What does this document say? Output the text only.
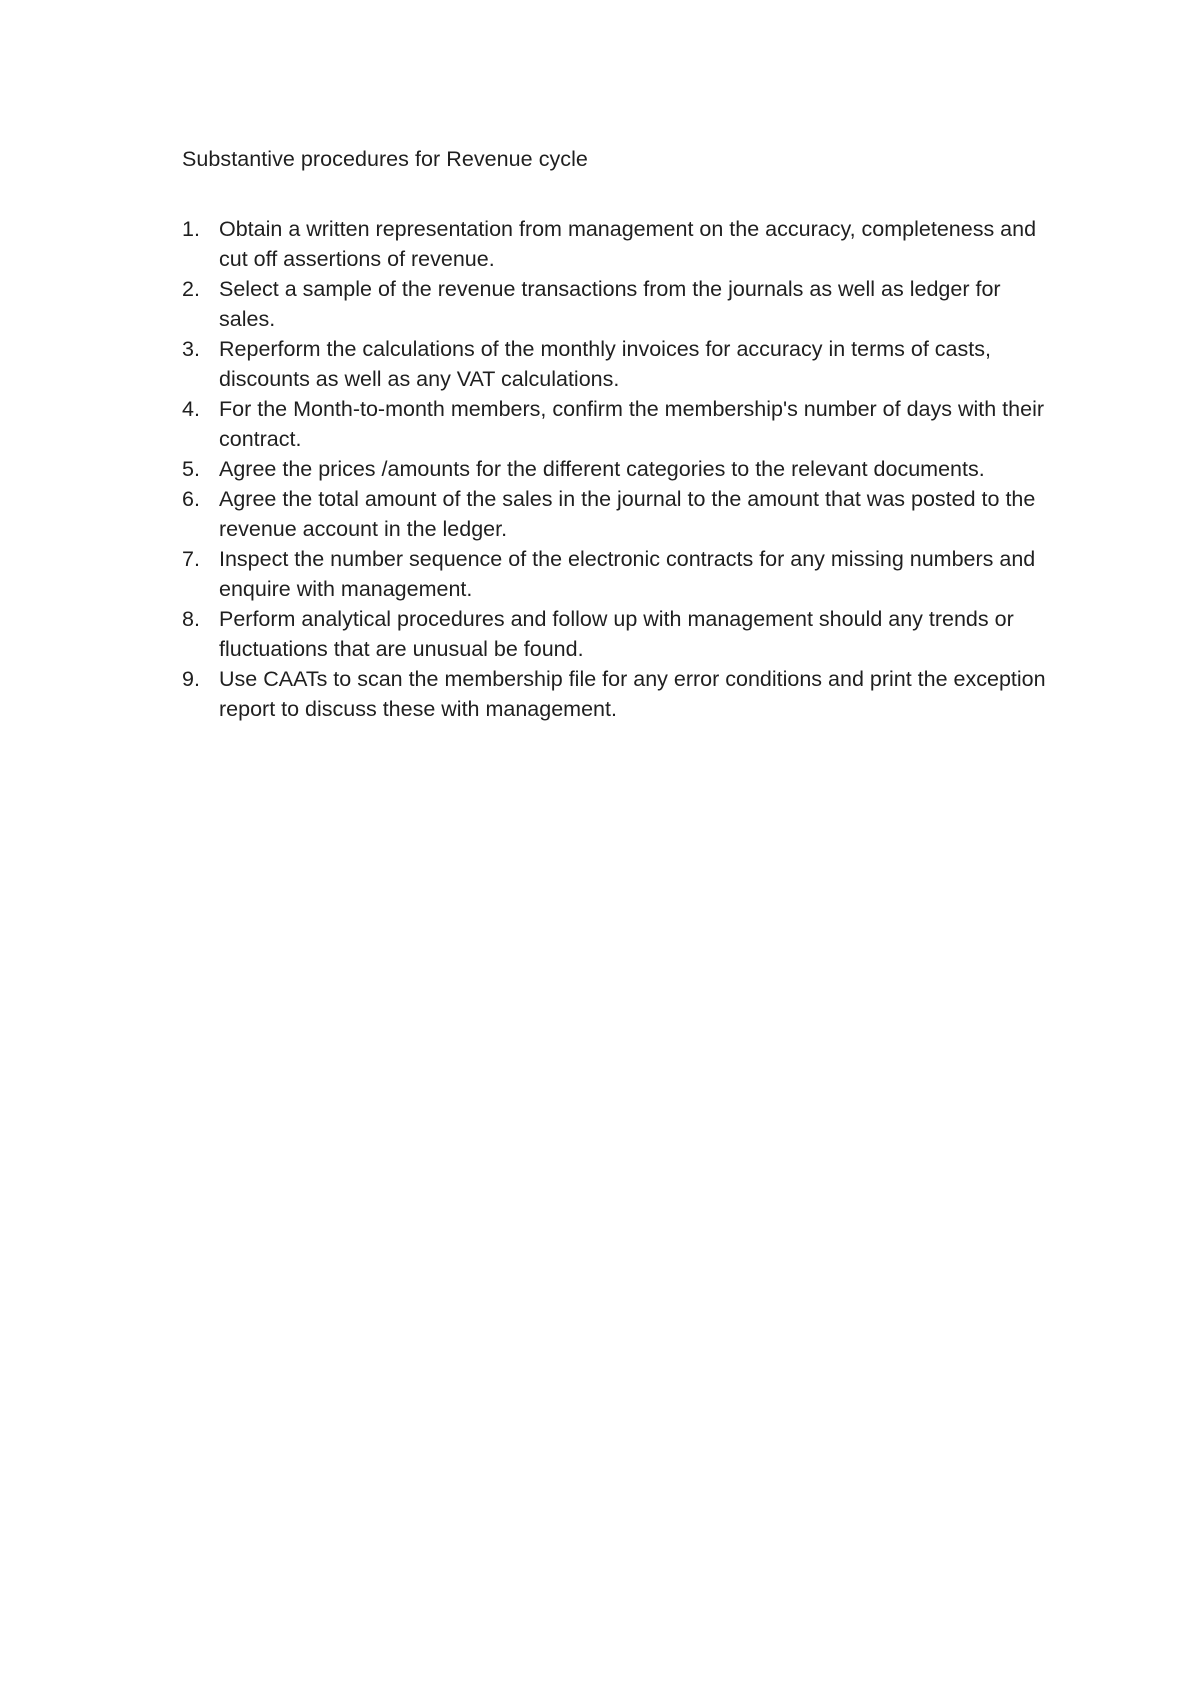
Substantive procedures for Revenue cycle
1. Obtain a written representation from management on the accuracy, completeness and cut off assertions of revenue.
2. Select a sample of the revenue transactions from the journals as well as ledger for sales.
3. Reperform the calculations of the monthly invoices for accuracy in terms of casts, discounts as well as any VAT calculations.
4. For the Month-to-month members, confirm the membership's number of days with their contract.
5. Agree the prices /amounts for the different categories to the relevant documents.
6. Agree the total amount of the sales in the journal to the amount that was posted to the revenue account in the ledger.
7. Inspect the number sequence of the electronic contracts for any missing numbers and enquire with management.
8. Perform analytical procedures and follow up with management should any trends or fluctuations that are unusual be found.
9. Use CAATs to scan the membership file for any error conditions and print the exception report to discuss these with management.
